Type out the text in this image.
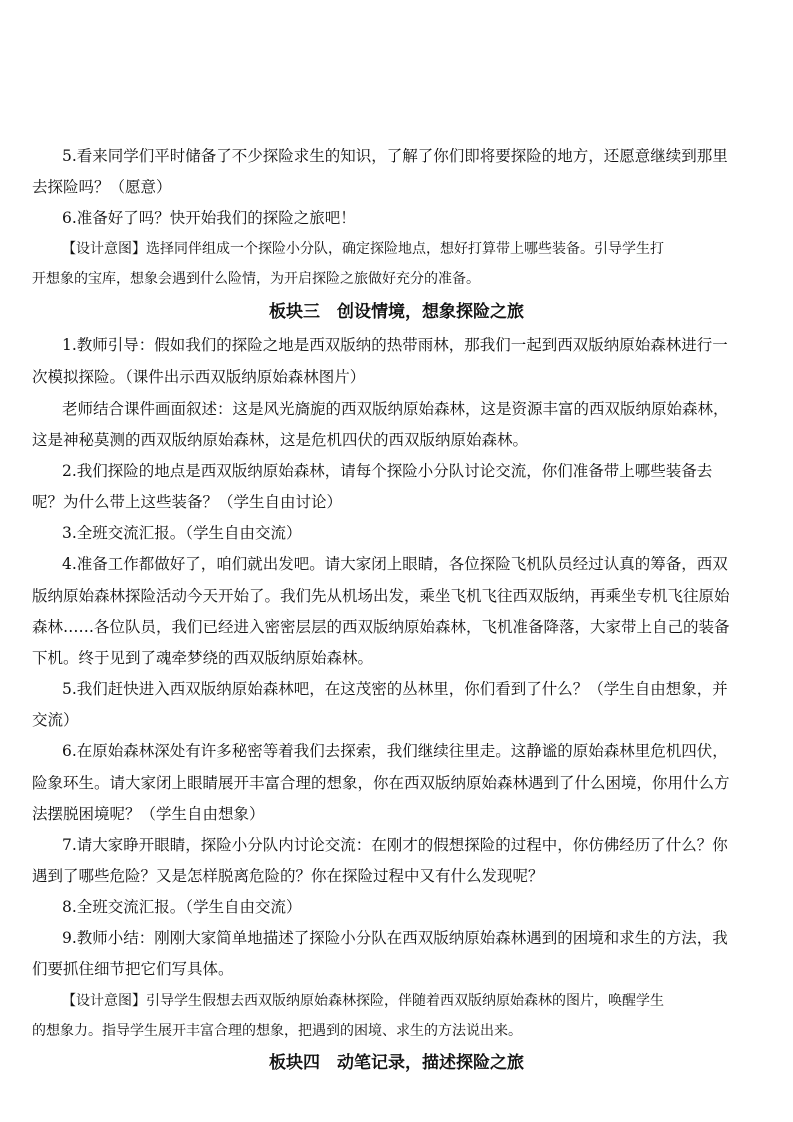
5.看来同学们平时储备了不少探险求生的知识，了解了你们即将要探险的地方，还愿意继续到那里
去探险吗？（愿意）
6.准备好了吗？快开始我们的探险之旅吧！
【设计意图】选择同伴组成一个探险小分队，确定探险地点，想好打算带上哪些装备。引导学生打
开想象的宝库，想象会遇到什么险情，为开启探险之旅做好充分的准备。
板块三　创设情境，想象探险之旅
1.教师引导：假如我们的探险之地是西双版纳的热带雨林，那我们一起到西双版纳原始森林进行一
次模拟探险。（课件出示西双版纳原始森林图片）
老师结合课件画面叙述：这是风光旖旎的西双版纳原始森林，这是资源丰富的西双版纳原始森林，
这是神秘莫测的西双版纳原始森林，这是危机四伏的西双版纳原始森林。
2.我们探险的地点是西双版纳原始森林，请每个探险小分队讨论交流，你们准备带上哪些装备去
呢？为什么带上这些装备？（学生自由讨论）
3.全班交流汇报。（学生自由交流）
4.准备工作都做好了，咱们就出发吧。请大家闭上眼睛，各位探险飞机队员经过认真的筹备，西双
版纳原始森林探险活动今天开始了。我们先从机场出发，乘坐飞机飞往西双版纳，再乘坐专机飞往原始
森林……各位队员，我们已经进入密密层层的西双版纳原始森林，飞机准备降落，大家带上自己的装备
下机。终于见到了魂牵梦绕的西双版纳原始森林。
5.我们赶快进入西双版纳原始森林吧，在这茂密的丛林里，你们看到了什么？（学生自由想象，并
交流）
6.在原始森林深处有许多秘密等着我们去探索，我们继续往里走。这静谧的原始森林里危机四伏，
险象环生。请大家闭上眼睛展开丰富合理的想象，你在西双版纳原始森林遇到了什么困境，你用什么方
法摆脱困境呢？（学生自由想象）
7.请大家睁开眼睛，探险小分队内讨论交流：在刚才的假想探险的过程中，你仿佛经历了什么？你
遇到了哪些危险？又是怎样脱离危险的？你在探险过程中又有什么发现呢？
8.全班交流汇报。（学生自由交流）
9.教师小结：刚刚大家简单地描述了探险小分队在西双版纳原始森林遇到的困境和求生的方法，我
们要抓住细节把它们写具体。
【设计意图】引导学生假想去西双版纳原始森林探险，伴随着西双版纳原始森林的图片，唤醒学生
的想象力。指导学生展开丰富合理的想象，把遇到的困境、求生的方法说出来。
板块四　动笔记录，描述探险之旅
